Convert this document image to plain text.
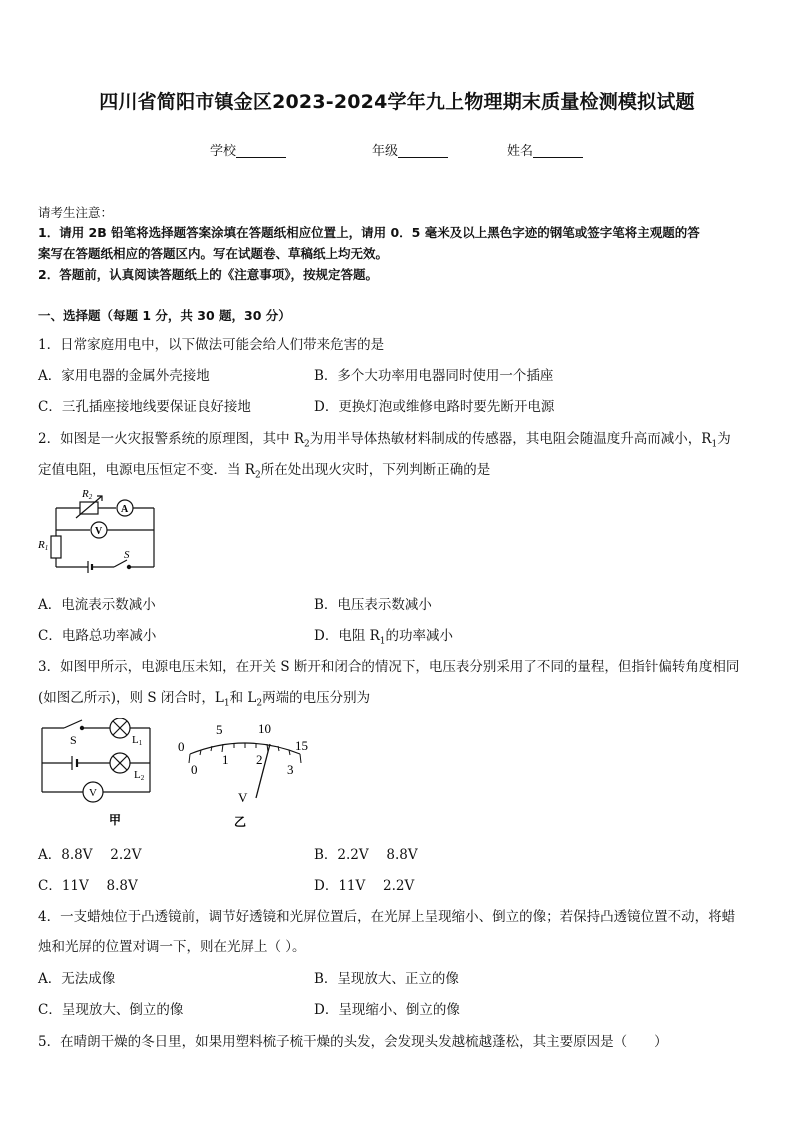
四川省简阳市镇金区2023-2024学年九上物理期末质量检测模拟试题
学校	年级	姓名
请考生注意：
1．请用 2B 铅笔将选择题答案涂填在答题纸相应位置上，请用 0．5 毫米及以上黑色字迹的钢笔或签字笔将主观题的答
案写在答题纸相应的答题区内。写在试题卷、草稿纸上均无效。
2．答题前，认真阅读答题纸上的《注意事项》，按规定答题。
一、选择题（每题 1 分，共 30 题，30 分）
1．日常家庭用电中，以下做法可能会给人们带来危害的是
A．家用电器的金属外壳接地	B．多个大功率用电器同时使用一个插座
C．三孔插座接地线要保证良好接地	D．更换灯泡或维修电路时要先断开电源
2．如图是一火灾报警系统的原理图，其中 $R_2$为用半导体热敏材料制成的传感器，其电阻会随温度升高而减小，$R_1$为
定值电阻，电源电压恒定不变．当 $R_2$所在处出现火灾时，下列判断正确的是
R2
A
V
R1
S
A．电流表示数减小	B．电压表示数减小
C．电路总功率减小	D．电阻 $R_1$的功率减小
3．如图甲所示，电源电压未知，在开关 S 断开和闭合的情况下，电压表分别采用了不同的量程，但指针偏转角度相同
(如图乙所示)，则 S 闭合时，$L_1$和 $L_2$两端的电压分别为
S	L1
L2
V
甲
0
5	10
15
0
1 2
3
V
乙
A．8.8V　 2.2V	B．2.2V　 8.8V
C．11V　 8.8V	D．11V　 2.2V
4．一支蜡烛位于凸透镜前，调节好透镜和光屏位置后，在光屏上呈现缩小、倒立的像；若保持凸透镜位置不动，将蜡
烛和光屏的位置对调一下，则在光屏上（ ）。
A．无法成像	B．呈现放大、正立的像
C．呈现放大、倒立的像	D．呈现缩小、倒立的像
5．在晴朗干燥的冬日里，如果用塑料梳子梳干燥的头发，会发现头发越梳越蓬松，其主要原因是（　　）
